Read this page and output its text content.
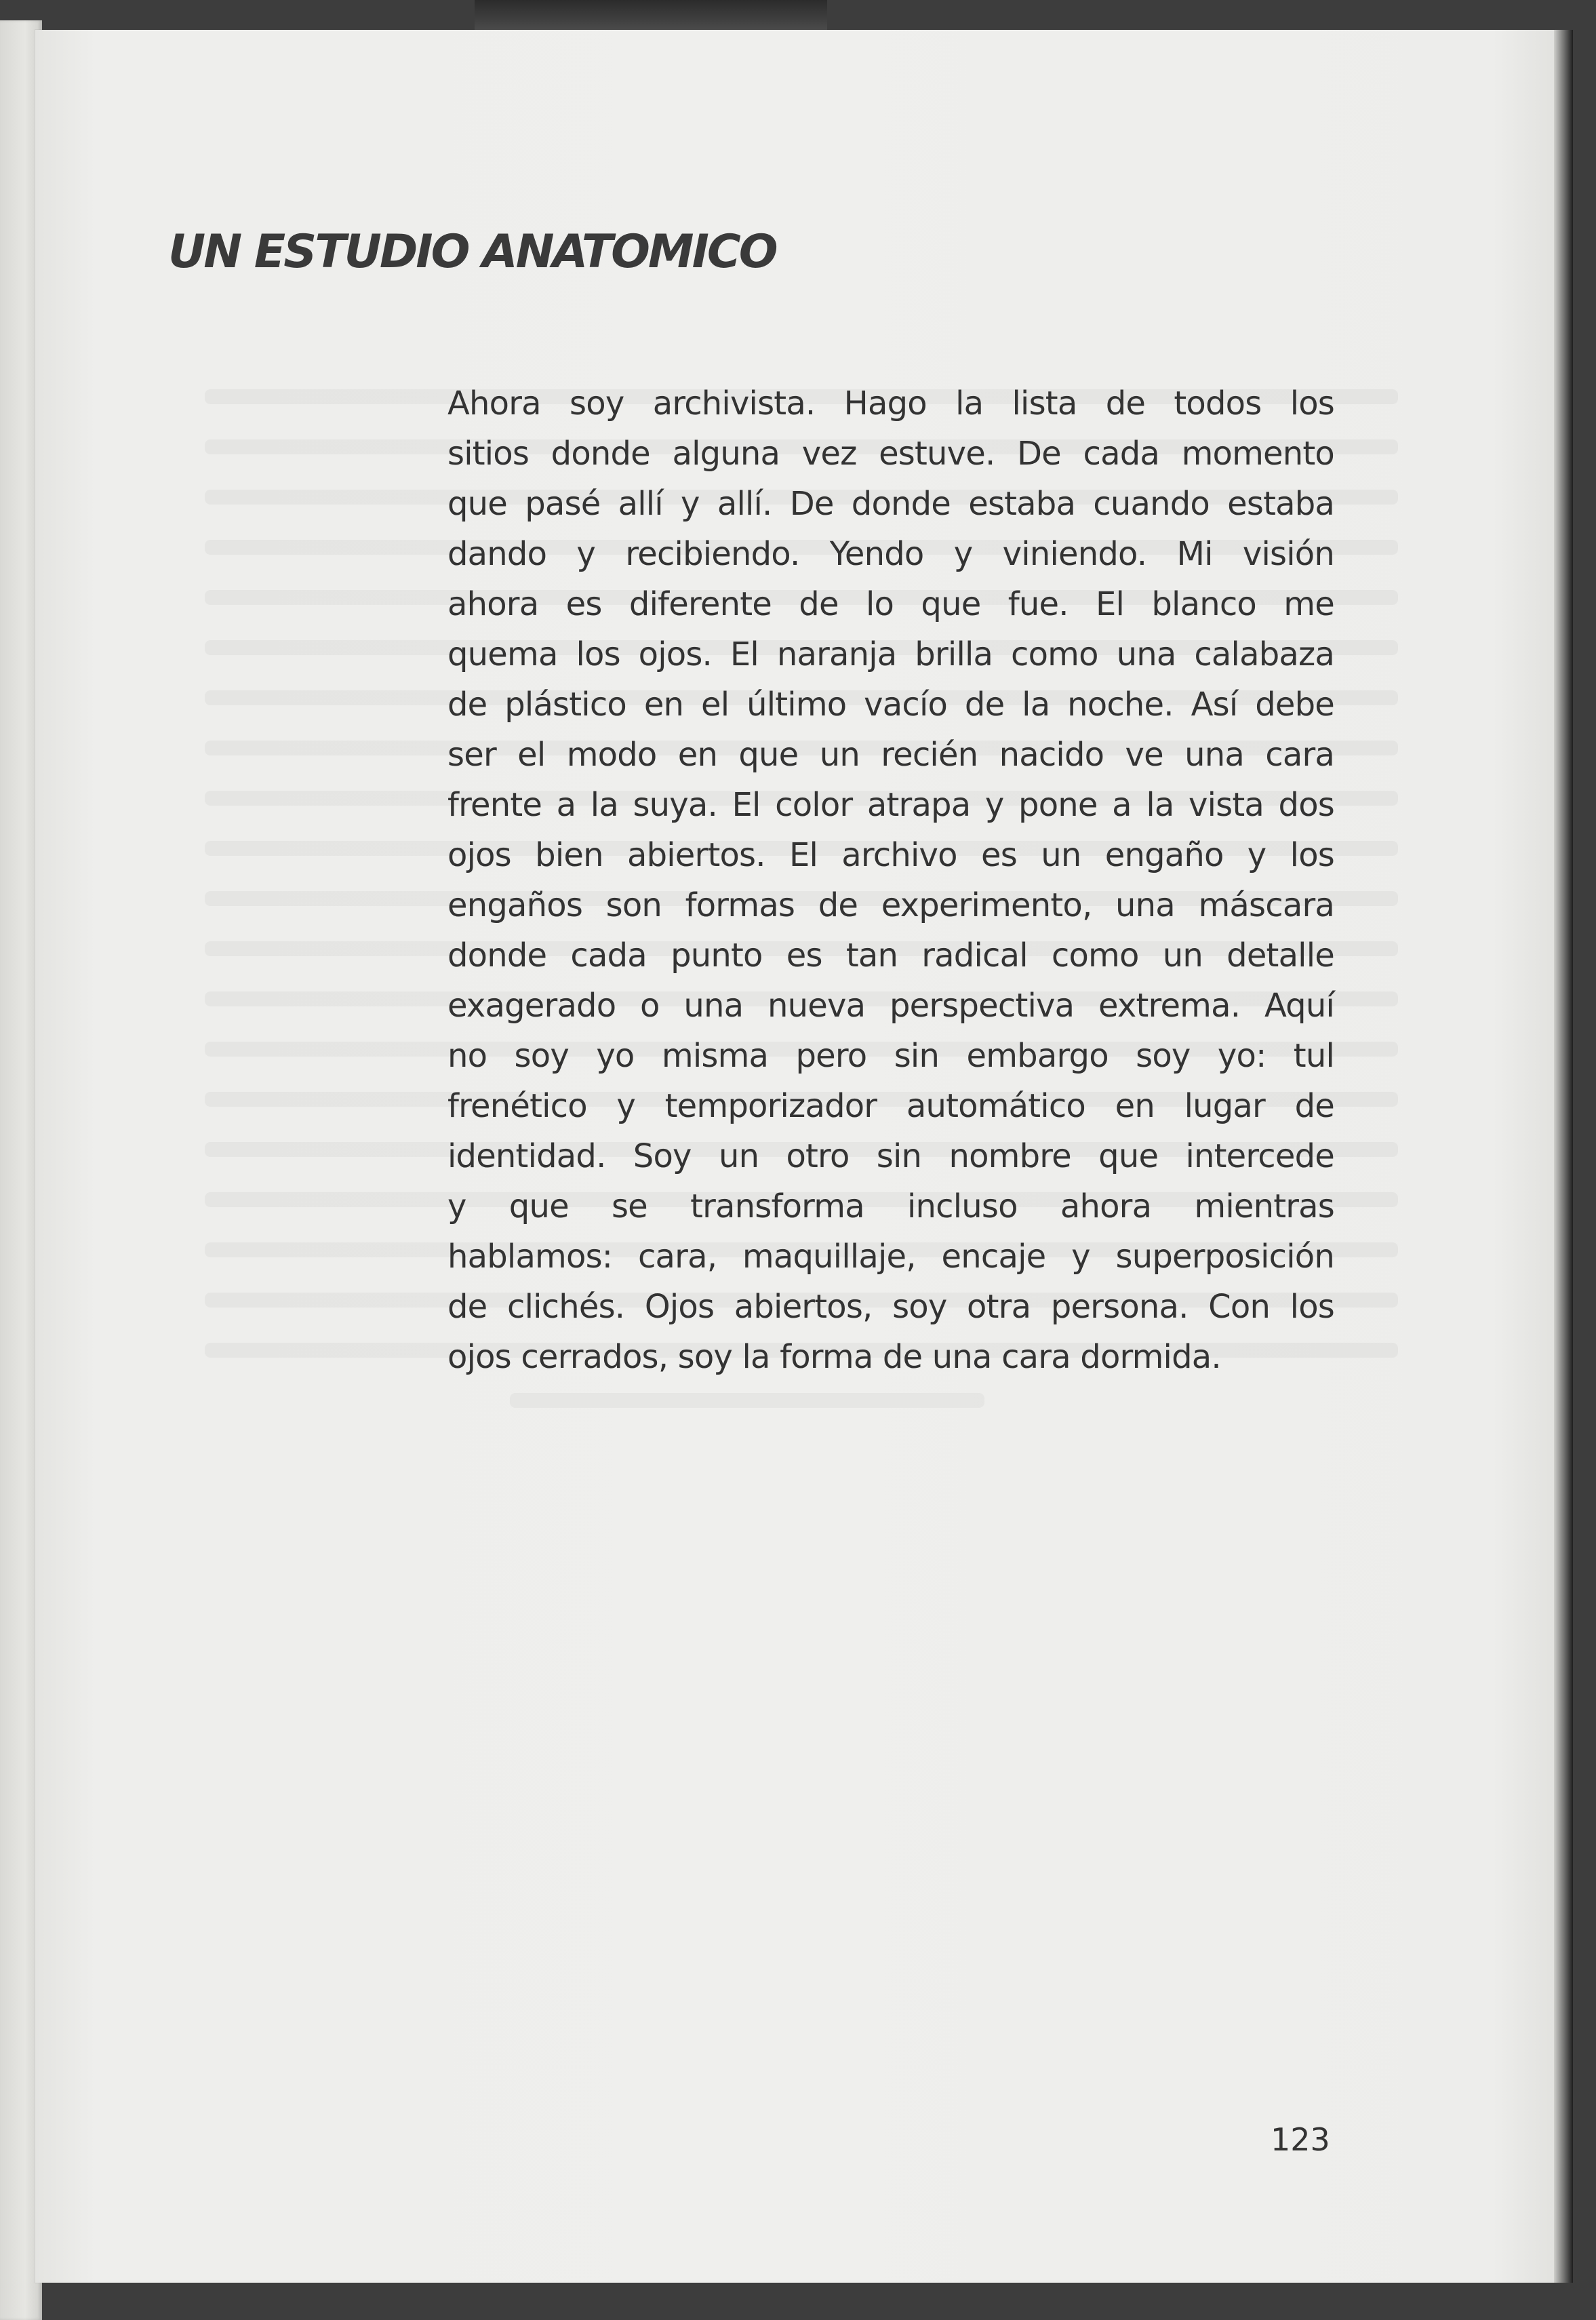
UN ESTUDIO ANATOMICO
Ahora soy archivista. Hago la lista de todos los
sitios donde alguna vez estuve. De cada momento
que pasé allí y allí. De donde estaba cuando estaba
dando y recibiendo. Yendo y viniendo. Mi visión
ahora es diferente de lo que fue. El blanco me
quema los ojos. El naranja brilla como una calabaza
de plástico en el último vacío de la noche. Así debe
ser el modo en que un recién nacido ve una cara
frente a la suya. El color atrapa y pone a la vista dos
ojos bien abiertos. El archivo es un engaño y los
engaños son formas de experimento, una máscara
donde cada punto es tan radical como un detalle
exagerado o una nueva perspectiva extrema. Aquí
no soy yo misma pero sin embargo soy yo: tul
frenético y temporizador automático en lugar de
identidad. Soy un otro sin nombre que intercede
y que se transforma incluso ahora mientras
hablamos: cara, maquillaje, encaje y superposición
de clichés. Ojos abiertos, soy otra persona. Con los
ojos cerrados, soy la forma de una cara dormida.
123
